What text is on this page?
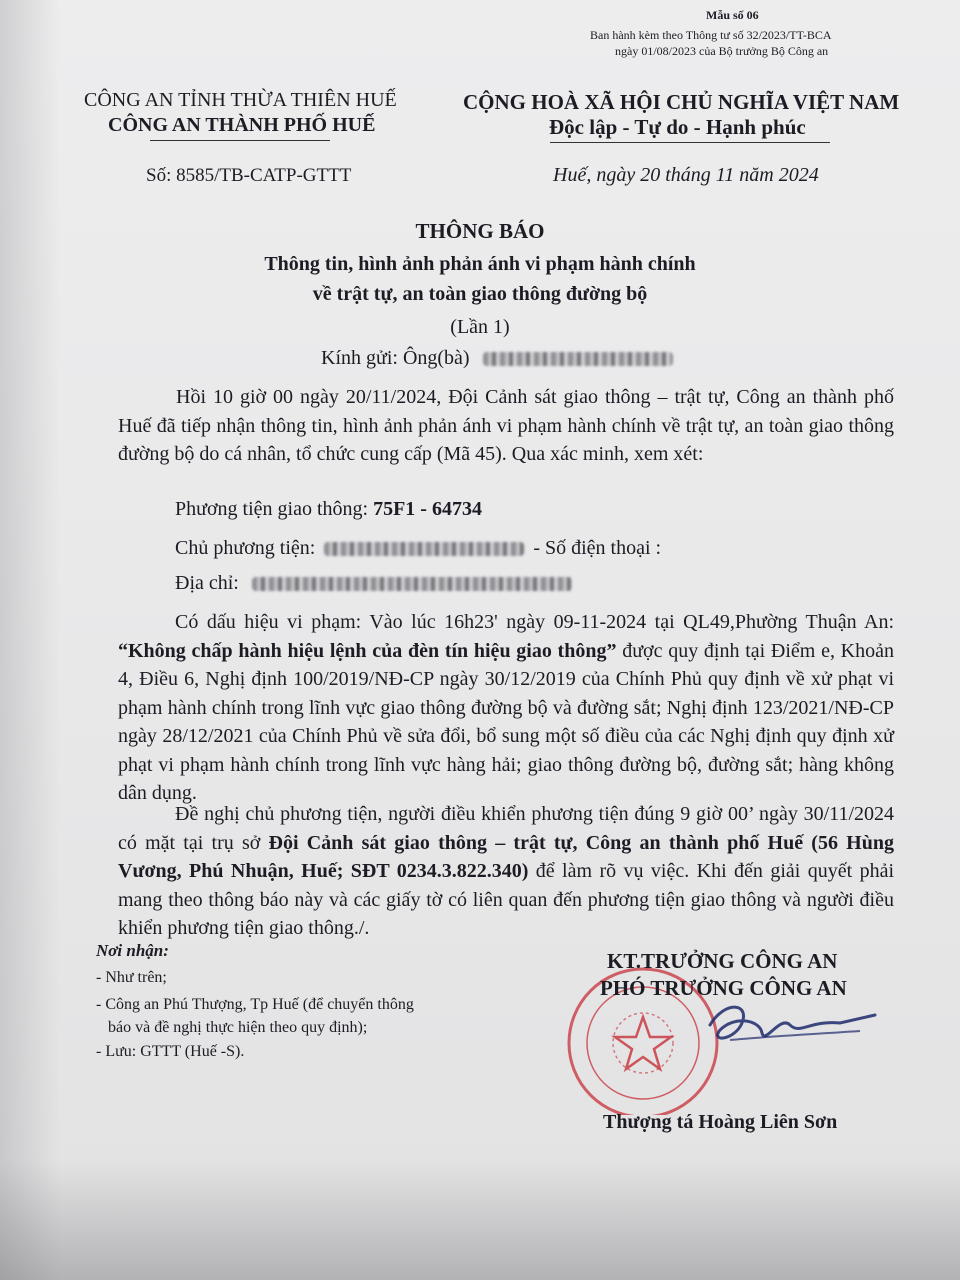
Mẫu số 06
Ban hành kèm theo Thông tư số 32/2023/TT-BCA
ngày 01/08/2023 của Bộ trưởng Bộ Công an
CÔNG AN TỈNH THỪA THIÊN HUẾ
CÔNG AN THÀNH PHỐ HUẾ
CỘNG HOÀ XÃ HỘI CHỦ NGHĨA VIỆT NAM
Độc lập - Tự do - Hạnh phúc
Số: 8585/TB-CATP-GTTT	Huế, ngày 20 tháng 11 năm 2024
THÔNG BÁO
Thông tin, hình ảnh phản ánh vi phạm hành chính
về trật tự, an toàn giao thông đường bộ
(Lần 1)
Kính gửi: Ông(bà)
Hồi 10 giờ 00 ngày 20/11/2024, Đội Cảnh sát giao thông – trật tự, Công an thành phố Huế đã tiếp nhận thông tin, hình ảnh phản ánh vi phạm hành chính về trật tự, an toàn giao thông đường bộ do cá nhân, tổ chức cung cấp (Mã 45). Qua xác minh, xem xét:
Phương tiện giao thông: 75F1 - 64734
Chủ phương tiện:	- Số điện thoại :
Địa chỉ:
Có dấu hiệu vi phạm: Vào lúc 16h23' ngày 09-11-2024 tại QL49,Phường Thuận An: “Không chấp hành hiệu lệnh của đèn tín hiệu giao thông” được quy định tại Điểm e, Khoản 4, Điều 6, Nghị định 100/2019/NĐ-CP ngày 30/12/2019 của Chính Phủ quy định về xử phạt vi phạm hành chính trong lĩnh vực giao thông đường bộ và đường sắt; Nghị định 123/2021/NĐ-CP ngày 28/12/2021 của Chính Phủ về sửa đổi, bổ sung một số điều của các Nghị định quy định xử phạt vi phạm hành chính trong lĩnh vực hàng hải; giao thông đường bộ, đường sắt; hàng không dân dụng.
Đề nghị chủ phương tiện, người điều khiển phương tiện đúng 9 giờ 00’ ngày 30/11/2024 có mặt tại trụ sở Đội Cảnh sát giao thông – trật tự, Công an thành phố Huế (56 Hùng Vương, Phú Nhuận, Huế; SĐT 0234.3.822.340) để làm rõ vụ việc. Khi đến giải quyết phải mang theo thông báo này và các giấy tờ có liên quan đến phương tiện giao thông và người điều khiển phương tiện giao thông./.
Nơi nhận:
- Như trên;
- Công an Phú Thượng, Tp Huế (để chuyển thông
báo và đề nghị thực hiện theo quy định);
- Lưu: GTTT (Huế -S).
KT.TRƯỞNG CÔNG AN
PHÓ TRƯỞNG CÔNG AN
Thượng tá Hoàng Liên Sơn
